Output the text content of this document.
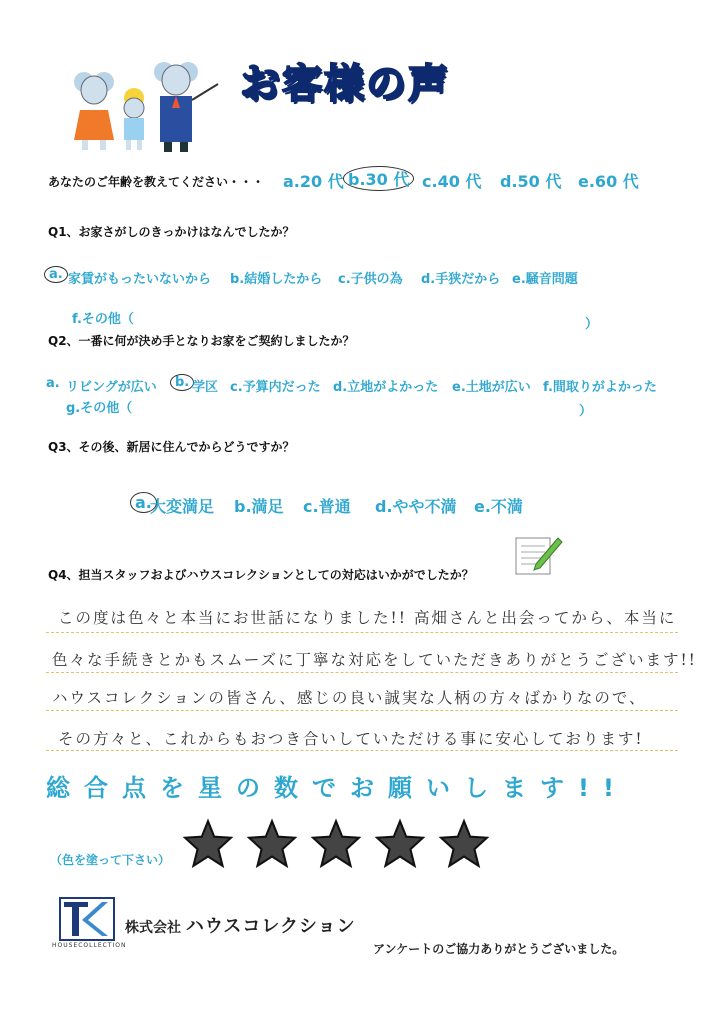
お客様の声
あなたのご年齢を教えてください・・・ a.20 代 b.30 代 c.40 代 d.50 代 e.60 代
Q1、お家さがしのきっかけはなんでしたか？
a. 家賃がもったいないから b.結婚したから c.子供の為 d.手狭だから e.騒音問題
f.その他（	）
Q2、一番に何が決め手となりお家をご契約しましたか？
a. リビングが広い	b. 学区 c.予算内だった d.立地がよかった e.土地が広い f.間取りがよかった
g.その他（	）
Q3、その後、新居に住んでからどうですか？
a.
大変満足 b.満足 c.普通 d.やや不満 e.不満
Q4、担当スタッフおよびハウスコレクションとしての対応はいかがでしたか？
この度は色々と本当にお世話になりました!! 高畑さんと出会ってから、本当に
色々な手続きとかもスムーズに丁寧な対応をしていただきありがとうございます!!
ハウスコレクションの皆さん、感じの良い誠実な人柄の方々ばかりなので、
その方々と、これからもおつき合いしていただける事に安心しております!
総合点を星の数でお願いします!!
（色を塗って下さい）
HOUSECOLLECTION
株式会社 ハウスコレクション
アンケートのご協力ありがとうございました。
